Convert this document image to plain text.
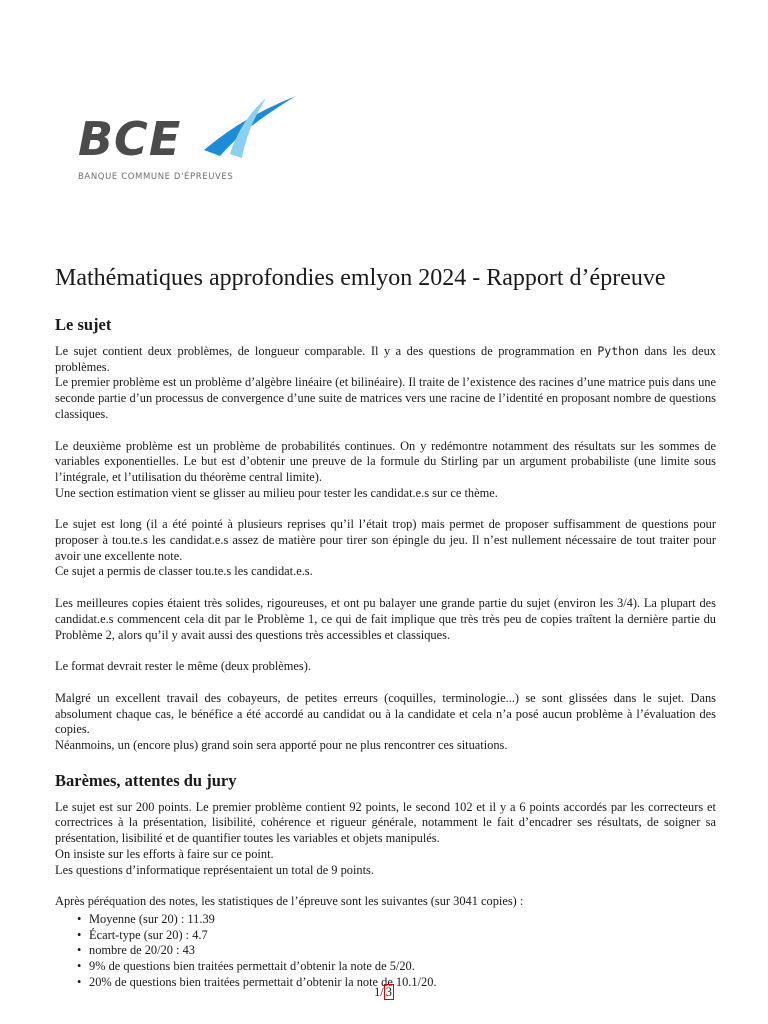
BCE
BANQUE COMMUNE D'ÉPREUVES
Mathématiques approfondies emlyon 2024 - Rapport d’épreuve
Le sujet

Le sujet contient deux problèmes, de longueur comparable. Il y a des questions de programmation en Python dans les deux problèmes.
Le premier problème est un problème d’algèbre linéaire (et bilinéaire). Il traite de l’existence des racines d’une matrice puis dans une seconde partie d’un processus de convergence d’une suite de matrices vers une racine de l’identité en proposant nombre de questions classiques.

Le deuxième problème est un problème de probabilités continues. On y redémontre notamment des résultats sur les sommes de variables exponentielles. Le but est d’obtenir une preuve de la formule du Stirling par un argument probabiliste (une limite sous l’intégrale, et l’utilisation du théorème central limite).
Une section estimation vient se glisser au milieu pour tester les candidat.e.s sur ce thème.

Le sujet est long (il a été pointé à plusieurs reprises qu’il l’était trop) mais permet de proposer suffisamment de questions pour proposer à tou.te.s les candidat.e.s assez de matière pour tirer son épingle du jeu. Il n’est nullement nécessaire de tout traiter pour avoir une excellente note.
Ce sujet a permis de classer tou.te.s les candidat.e.s.

Les meilleures copies étaient très solides, rigoureuses, et ont pu balayer une grande partie du sujet (environ les 3/4). La plupart des candidat.e.s commencent cela dit par le Problème 1, ce qui de fait implique que très très peu de copies traîtent la dernière partie du Problème 2, alors qu’il y avait aussi des questions très accessibles et classiques.

Le format devrait rester le même (deux problèmes).

Malgré un excellent travail des cobayeurs, de petites erreurs (coquilles, terminologie...) se sont glissées dans le sujet. Dans absolument chaque cas, le bénéfice a été accordé au candidat ou à la candidate et cela n’a posé aucun problème à l’évaluation des copies.
Néanmoins, un (encore plus) grand soin sera apporté pour ne plus rencontrer ces situations.

Barèmes, attentes du jury

Le sujet est sur 200 points. Le premier problème contient 92 points, le second 102 et il y a 6 points accordés par les correcteurs et correctrices à la présentation, lisibilité, cohérence et rigueur générale, notamment le fait d’encadrer ses résultats, de soigner sa présentation, lisibilité et de quantifier toutes les variables et objets manipulés.
On insiste sur les efforts à faire sur ce point.
Les questions d’informatique représentaient un total de 9 points.

Après péréquation des notes, les statistiques de l’épreuve sont les suivantes (sur 3041 copies) :

• Moyenne (sur 20) : 11.39
• Écart-type (sur 20) : 4.7
• nombre de 20/20 : 43
• 9% de questions bien traitées permettait d’obtenir la note de 5/20.
• 20% de questions bien traitées permettait d’obtenir la note de 10.1/20.
1/ 3
